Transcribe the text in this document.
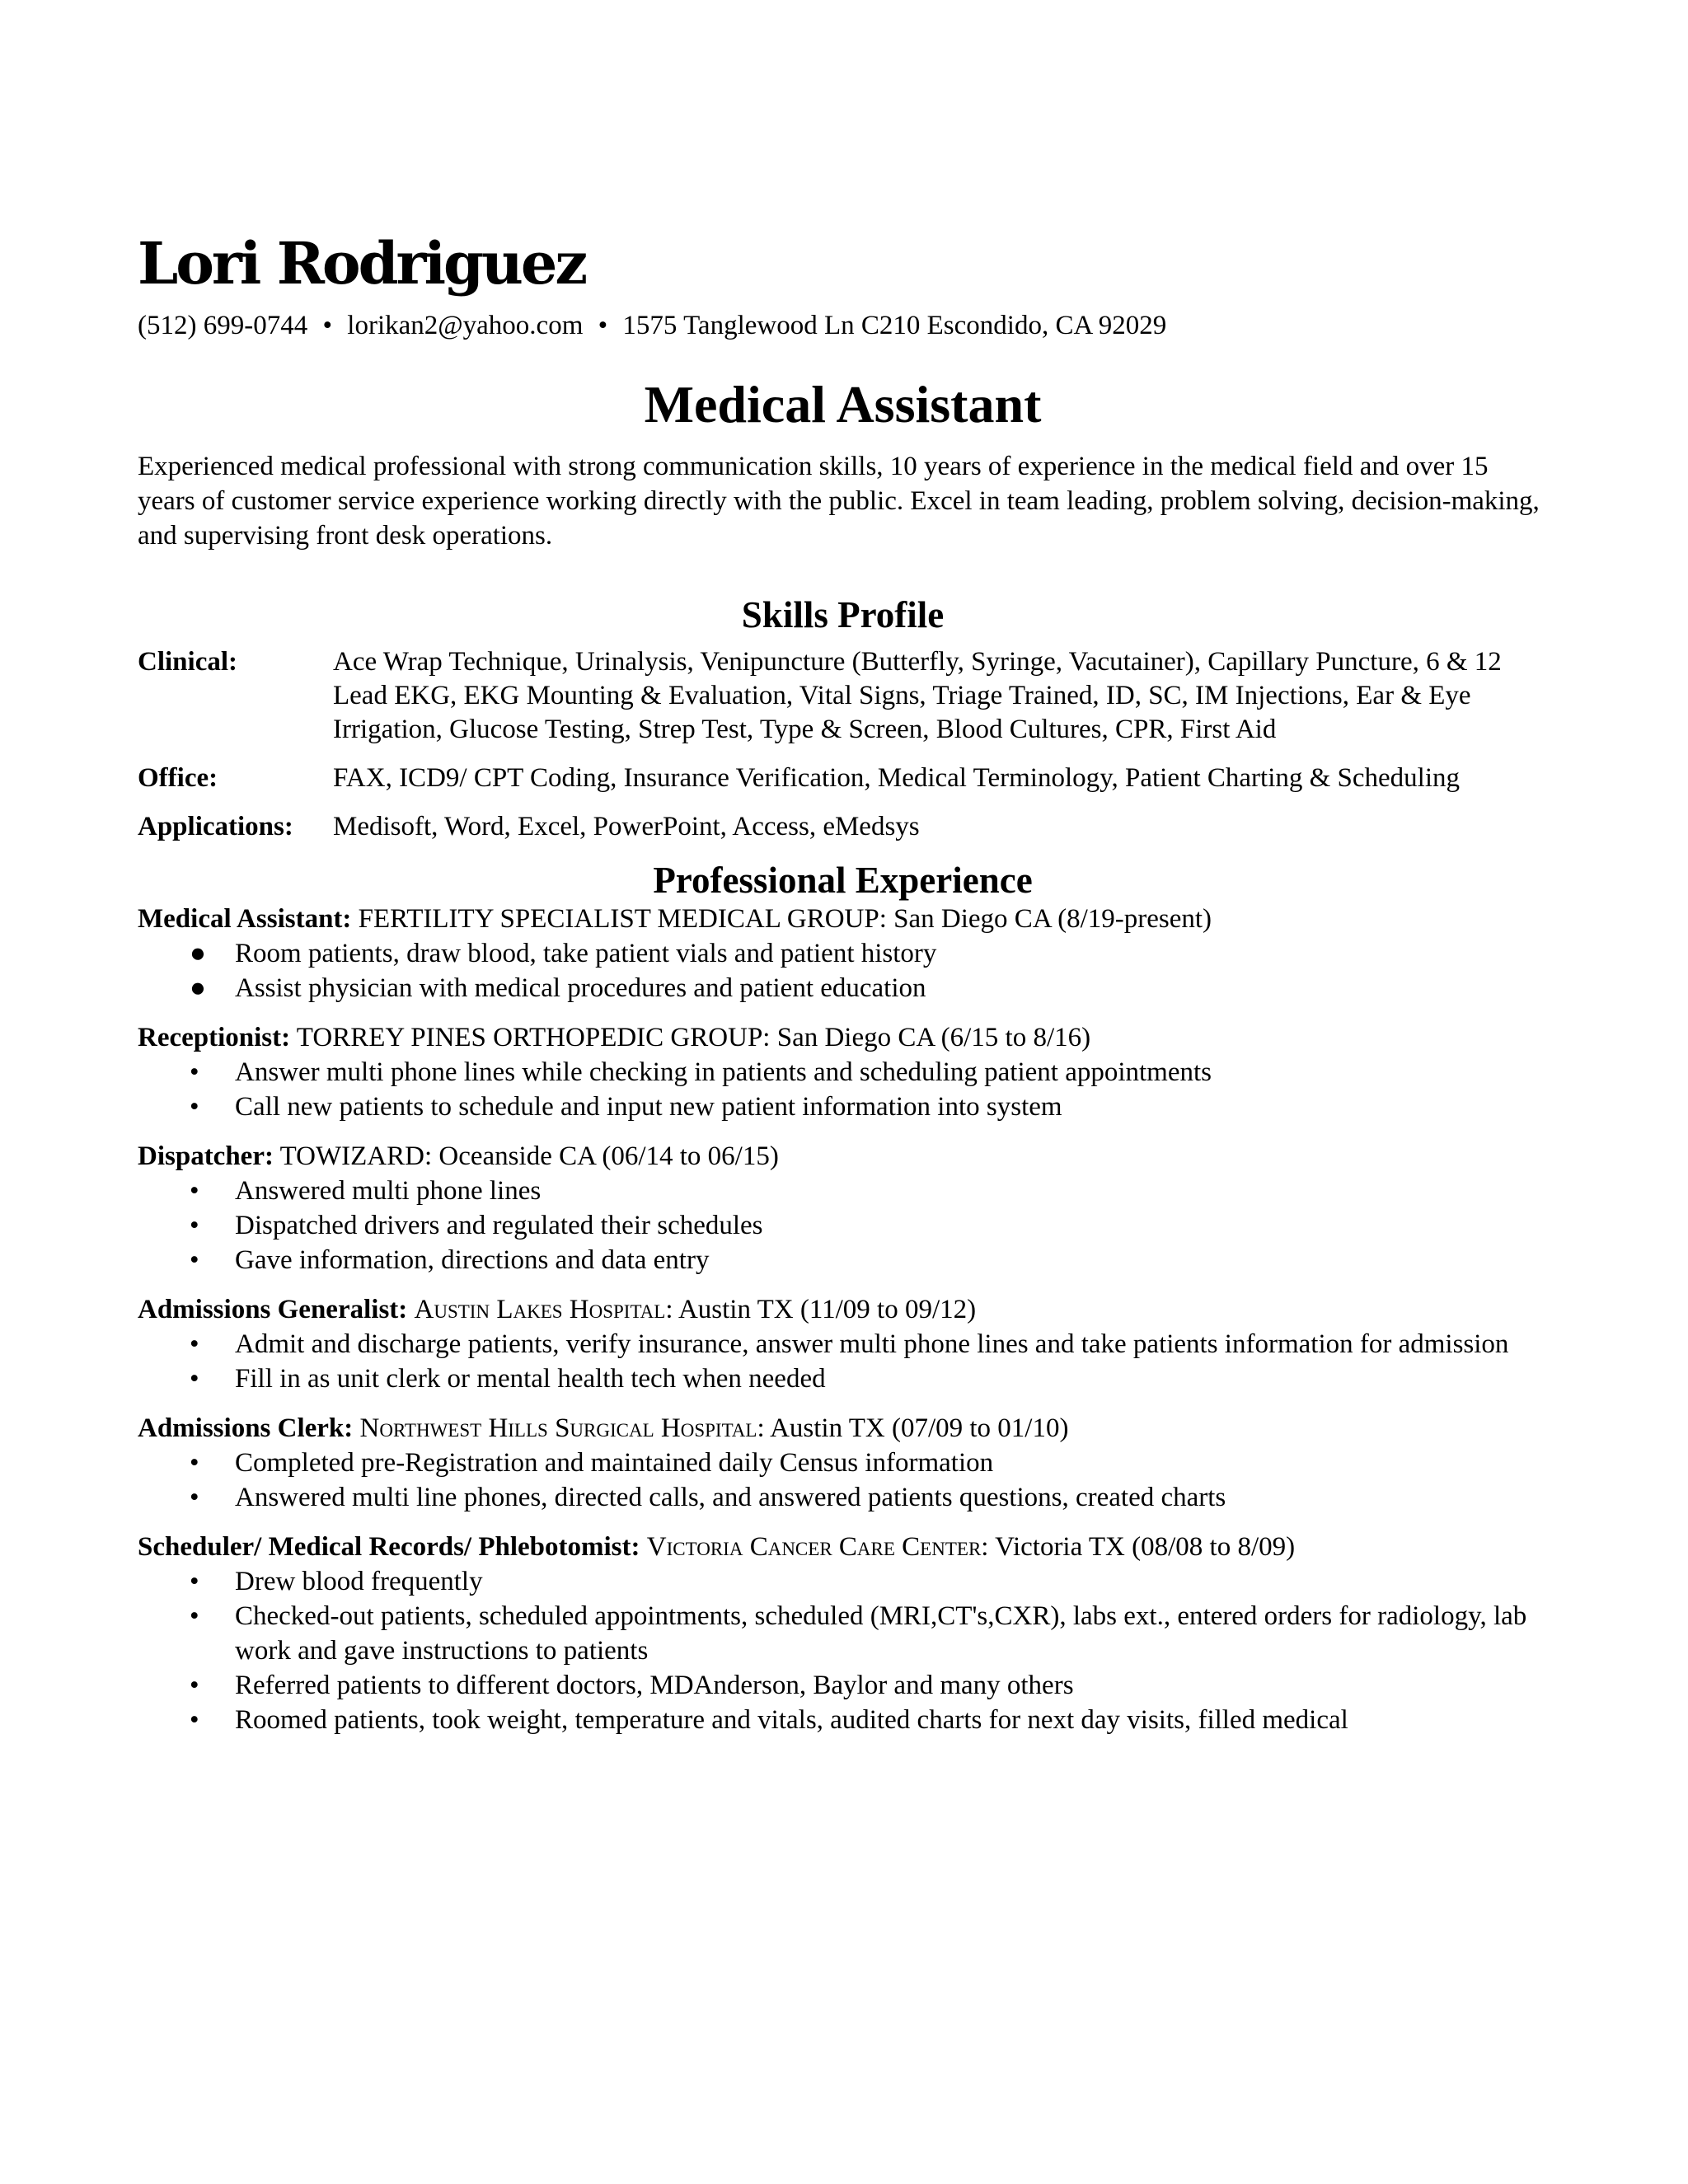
Lori Rodriguez
(512) 699-0744 • lorikan2@yahoo.com • 1575 Tanglewood Ln C210 Escondido, CA 92029
Medical Assistant
Experienced medical professional with strong communication skills, 10 years of experience in the medical field and over 15 years of customer service experience working directly with the public. Excel in team leading, problem solving, decision-making, and supervising front desk operations.
Skills Profile
Clinical:	Ace Wrap Technique, Urinalysis, Venipuncture (Butterfly, Syringe, Vacutainer), Capillary Puncture, 6 & 12 Lead EKG, EKG Mounting & Evaluation, Vital Signs, Triage Trained, ID, SC, IM Injections, Ear & Eye Irrigation, Glucose Testing, Strep Test, Type & Screen, Blood Cultures, CPR, First Aid
Office:	FAX, ICD9/ CPT Coding, Insurance Verification, Medical Terminology, Patient Charting & Scheduling
Applications:	Medisoft, Word, Excel, PowerPoint, Access, eMedsys
Professional Experience
Medical Assistant: FERTILITY SPECIALIST MEDICAL GROUP: San Diego CA (8/19-present)
● Room patients, draw blood, take patient vials and patient history
● Assist physician with medical procedures and patient education
Receptionist: TORREY PINES ORTHOPEDIC GROUP: San Diego CA (6/15 to 8/16)
• Answer multi phone lines while checking in patients and scheduling patient appointments
• Call new patients to schedule and input new patient information into system
Dispatcher: TOWIZARD: Oceanside CA (06/14 to 06/15)
• Answered multi phone lines
• Dispatched drivers and regulated their schedules
• Gave information, directions and data entry
Admissions Generalist: Austin Lakes Hospital: Austin TX (11/09 to 09/12)
• Admit and discharge patients, verify insurance, answer multi phone lines and take patients information for admission
• Fill in as unit clerk or mental health tech when needed
Admissions Clerk: Northwest Hills Surgical Hospital: Austin TX (07/09 to 01/10)
• Completed pre-Registration and maintained daily Census information
• Answered multi line phones, directed calls, and answered patients questions, created charts
Scheduler/ Medical Records/ Phlebotomist: Victoria Cancer Care Center: Victoria TX (08/08 to 8/09)
• Drew blood frequently
• Checked-out patients, scheduled appointments, scheduled (MRI,CT's,CXR), labs ext., entered orders for radiology, lab work and gave instructions to patients
• Referred patients to different doctors, MDAnderson, Baylor and many others
• Roomed patients, took weight, temperature and vitals, audited charts for next day visits, filled medical
